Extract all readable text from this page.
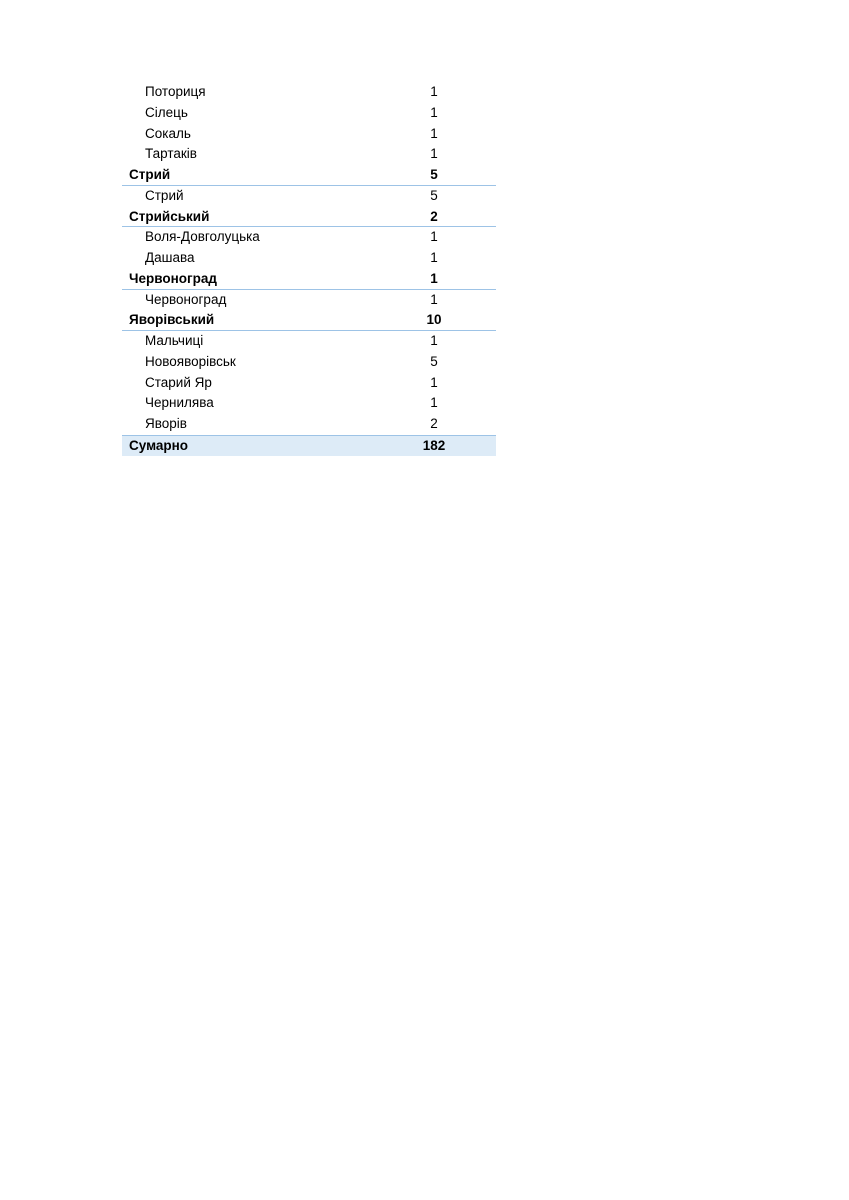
Поториця	1
Сілець	1
Сокаль	1
Тартаків	1
Стрий	5
Стрий	5
Стрийський	2
Воля-Довголуцька	1
Дашава	1
Червоноград	1
Червоноград	1
Яворівський	10
Мальчиці	1
Новояворівськ	5
Старий Яр	1
Чернилява	1
Яворів	2
Сумарно	182
